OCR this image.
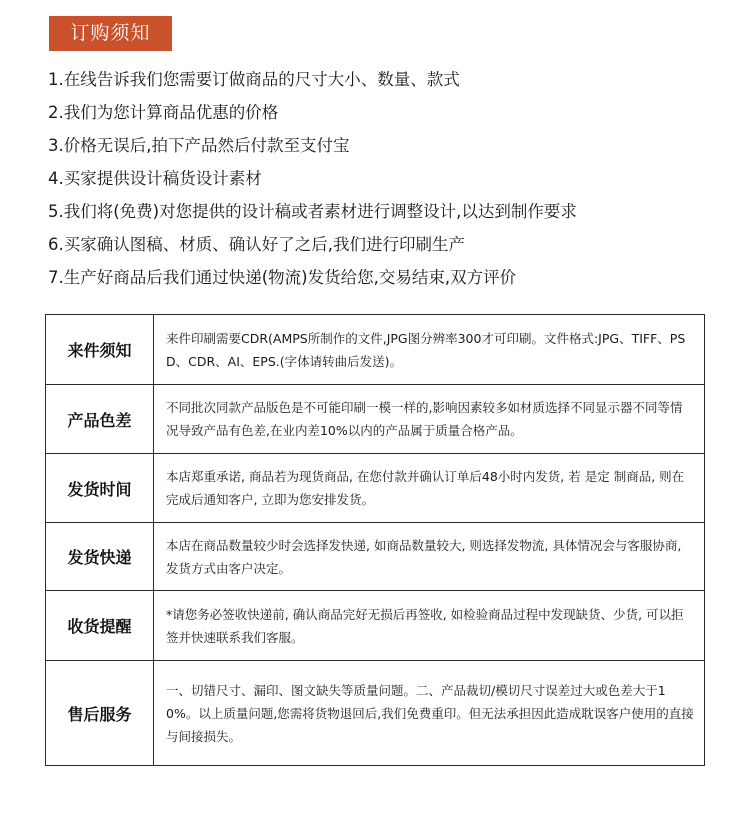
订购须知
1.在线告诉我们您需要订做商品的尺寸大小、数量、款式
2.我们为您计算商品优惠的价格
3.价格无误后,拍下产品然后付款至支付宝
4.买家提供设计稿货设计素材
5.我们将(免费)对您提供的设计稿或者素材进行调整设计,以达到制作要求
6.买家确认图稿、材质、确认好了之后,我们进行印刷生产
7.生产好商品后我们通过快递(物流)发货给您,交易结束,双方评价
来件须知	来件印刷需要CDR(AMPS所制作的文件,JPG图分辨率300才可印刷。文件格式:JPG、TIFF、PSD、CDR、AI、EPS.(字体请转曲后发送)。
产品色差	不同批次同款产品版色是不可能印刷一模一样的,影响因素较多如材质选择不同显示器不同等情况导致产品有色差,在业内差10%以内的产品属于质量合格产品。
发货时间	本店郑重承诺, 商品若为现货商品, 在您付款并确认订单后48小时内发货, 若 是定 制商品, 则在完成后通知客户, 立即为您安排发货。
发货快递	本店在商品数量较少时会选择发快递, 如商品数量较大, 则选择发物流, 具体情况会与客服协商, 发货方式由客户决定。
收货提醒	*请您务必签收快递前, 确认商品完好无损后再签收, 如检验商品过程中发现缺货、少货, 可以拒签并快速联系我们客服。
售后服务	一、切错尺寸、漏印、图文缺失等质量问题。二、产品裁切/模切尺寸误差过大或色差大于10%。以上质量问题,您需将货物退回后,我们免费重印。但无法承担因此造成耽误客户使用的直接与间接损失。
